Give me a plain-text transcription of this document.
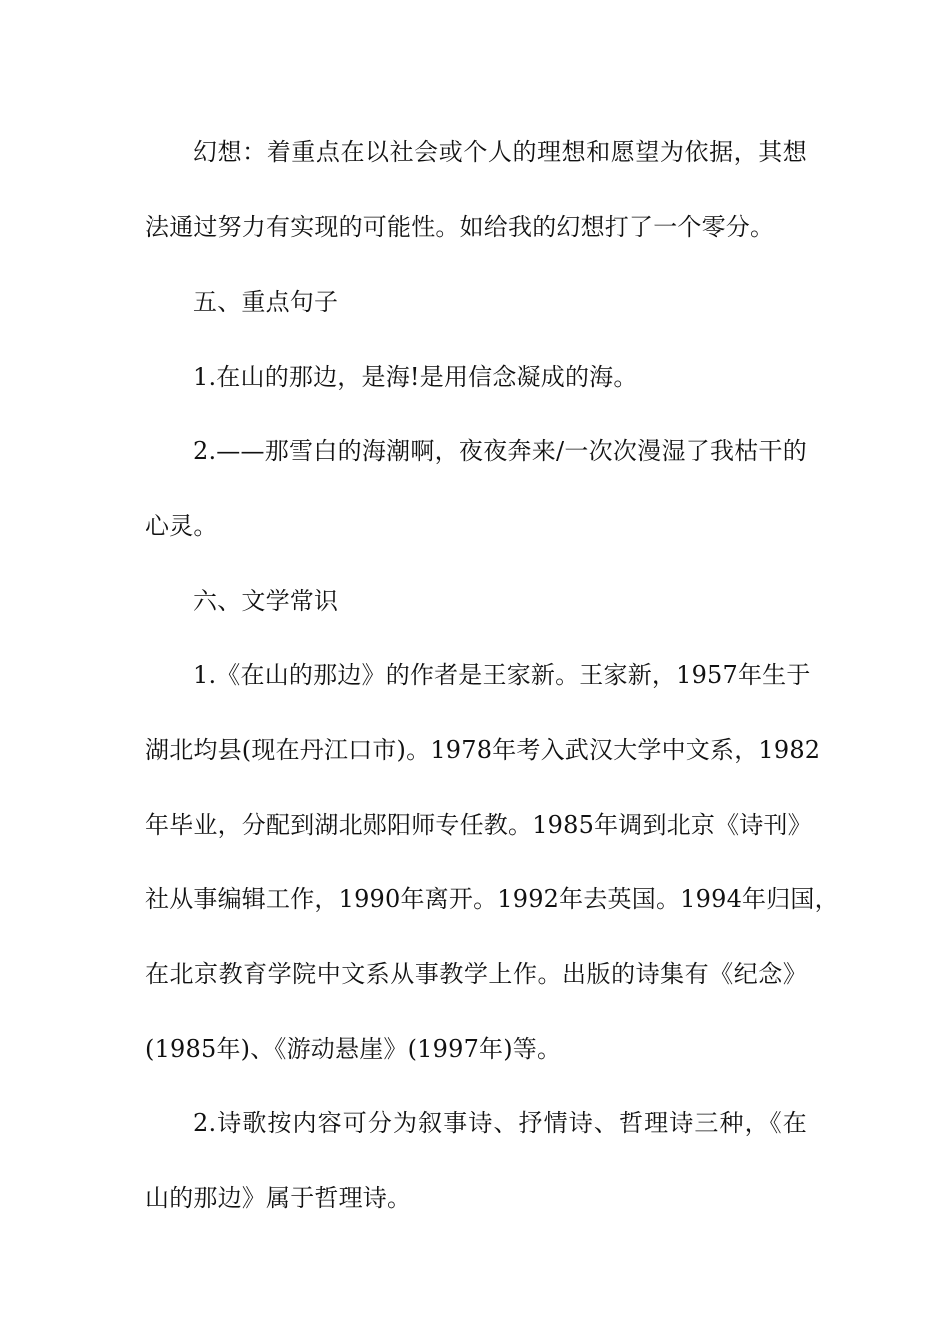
幻想：着重点在以社会或个人的理想和愿望为依据，其想
法通过努力有实现的可能性。如给我的幻想打了一个零分。
五、重点句子
1.在山的那边，是海!是用信念凝成的海。
2.——那雪白的海潮啊，夜夜奔来/一次次漫湿了我枯干的
心灵。
六、文学常识
1.《在山的那边》的作者是王家新。王家新，1957年生于
湖北均县(现在丹江口市)。1978年考入武汉大学中文系，1982
年毕业，分配到湖北郧阳师专任教。1985年调到北京《诗刊》
社从事编辑工作，1990年离开。1992年去英国。1994年归国，
在北京教育学院中文系从事教学上作。出版的诗集有《纪念》
(1985年)、《游动悬崖》(1997年)等。
2.诗歌按内容可分为叙事诗、抒情诗、哲理诗三种，《在
山的那边》属于哲理诗。
